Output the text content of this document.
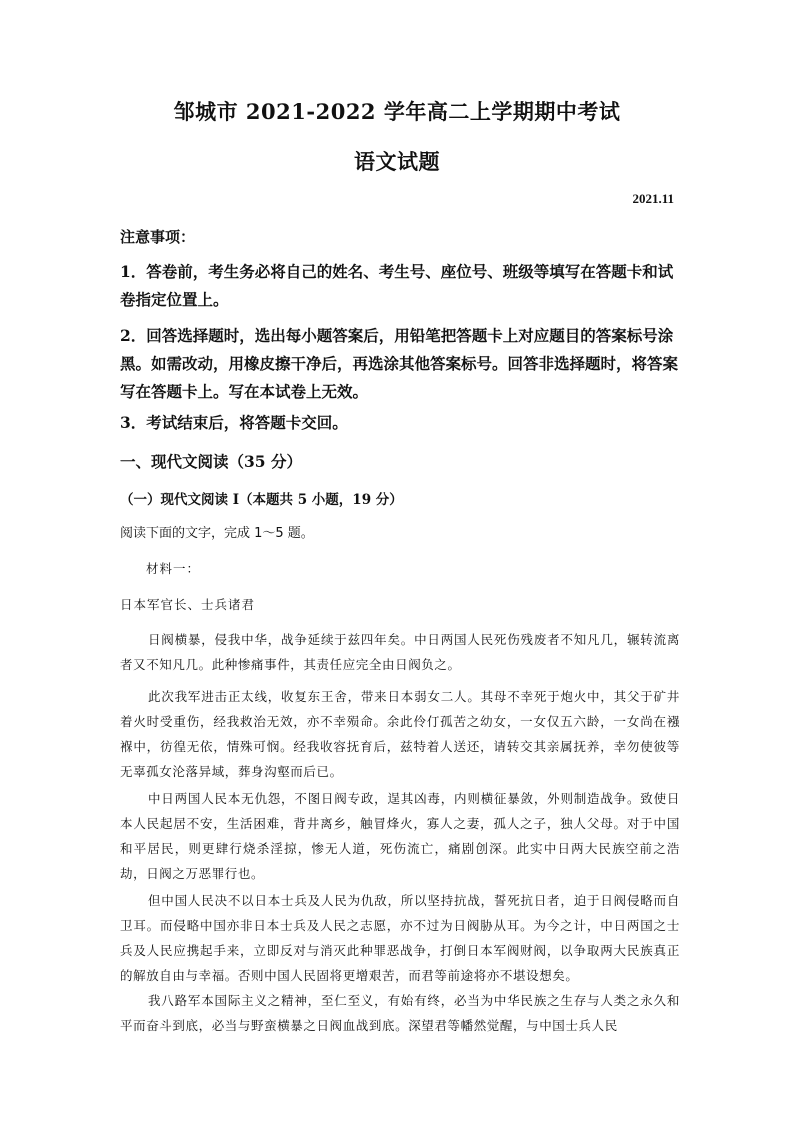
邹城市 2021-2022 学年高二上学期期中考试
语文试题
2021.11
注意事项：
1．答卷前，考生务必将自己的姓名、考生号、座位号、班级等填写在答题卡和试卷指定位置上。
2．回答选择题时，选出每小题答案后，用铅笔把答题卡上对应题目的答案标号涂黑。如需改动，用橡皮擦干净后，再选涂其他答案标号。回答非选择题时，将答案写在答题卡上。写在本试卷上无效。
3．考试结束后，将答题卡交回。
一、现代文阅读（35 分）
（一）现代文阅读 I（本题共 5 小题，19 分）
阅读下面的文字，完成 1～5 题。
材料一：
日本军官长、士兵诸君
日阀横暴，侵我中华，战争延续于兹四年矣。中日两国人民死伤残废者不知凡几，辗转流离者又不知凡几。此种惨痛事件，其责任应完全由日阀负之。
此次我军进击正太线，收复东王舍，带来日本弱女二人。其母不幸死于炮火中，其父于矿井着火时受重伤，经我救治无效，亦不幸殒命。余此伶仃孤苦之幼女，一女仅五六龄，一女尚在襁褓中，彷徨无依，情殊可悯。经我收容抚育后，兹特着人送还，请转交其亲属抚养，幸勿使彼等无辜孤女沦落异域，葬身沟壑而后已。
中日两国人民本无仇怨，不图日阀专政，逞其凶毒，内则横征暴敛，外则制造战争。致使日本人民起居不安，生活困难，背井离乡，触冒烽火，寡人之妻，孤人之子，独人父母。对于中国和平居民，则更肆行烧杀淫掠，惨无人道，死伤流亡，痛剧创深。此实中日两大民族空前之浩劫，日阀之万恶罪行也。
但中国人民决不以日本士兵及人民为仇敌，所以坚持抗战，誓死抗日者，迫于日阀侵略而自卫耳。而侵略中国亦非日本士兵及人民之志愿，亦不过为日阀胁从耳。为今之计，中日两国之士兵及人民应携起手来，立即反对与消灭此种罪恶战争，打倒日本军阀财阀，以争取两大民族真正的解放自由与幸福。否则中国人民固将更增艰苦，而君等前途将亦不堪设想矣。
我八路军本国际主义之精神，至仁至义，有始有终，必当为中华民族之生存与人类之永久和平而奋斗到底，必当与野蛮横暴之日阀血战到底。深望君等幡然觉醒，与中国士兵人民
